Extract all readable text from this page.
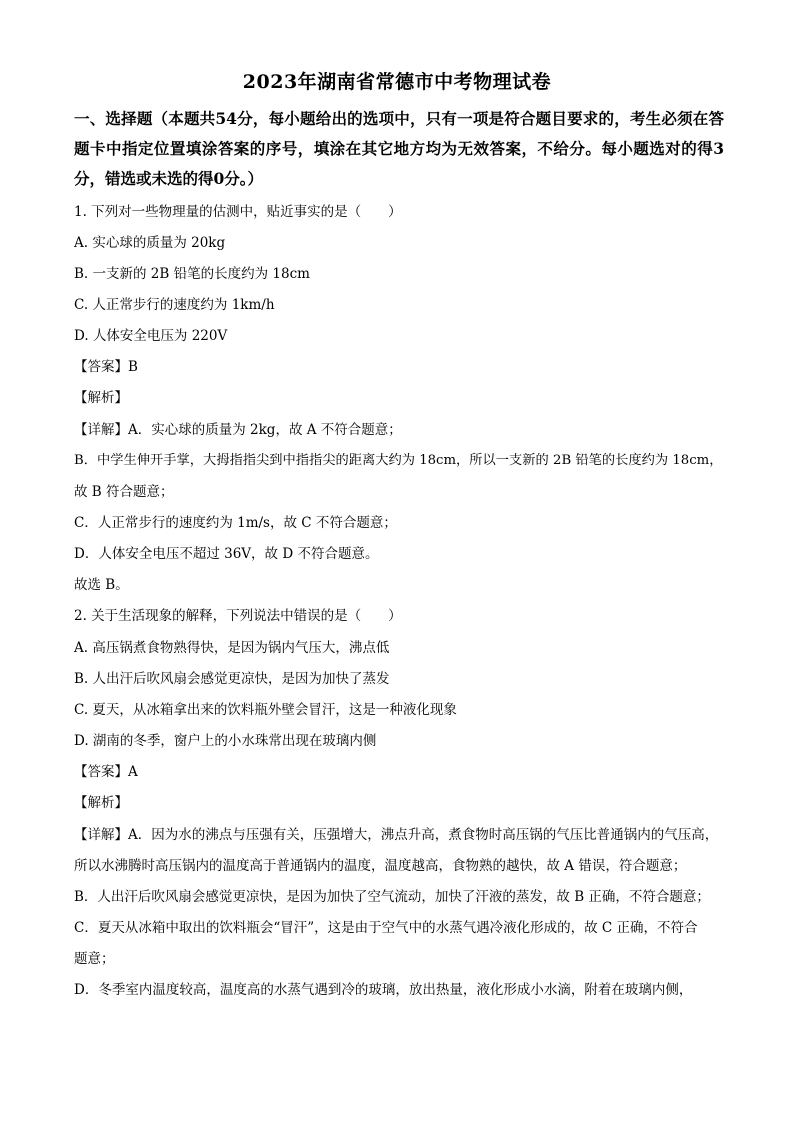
2023年湖南省常德市中考物理试卷
一、选择题（本题共54分，每小题给出的选项中，只有一项是符合题目要求的，考生必须在答题卡中指定位置填涂答案的序号，填涂在其它地方均为无效答案，不给分。每小题选对的得3分，错选或未选的得0分。）
1. 下列对一些物理量的估测中，贴近事实的是（　　）
A. 实心球的质量为 20kg
B. 一支新的 2B 铅笔的长度约为 18cm
C. 人正常步行的速度约为 1km/h
D. 人体安全电压为 220V
【答案】B
【解析】
【详解】A．实心球的质量为 2kg，故 A 不符合题意；
B．中学生伸开手掌，大拇指指尖到中指指尖的距离大约为 18cm，所以一支新的 2B 铅笔的长度约为 18cm，
故 B 符合题意；
C．人正常步行的速度约为 1m/s，故 C 不符合题意；
D．人体安全电压不超过 36V，故 D 不符合题意。
故选 B。
2. 关于生活现象的解释，下列说法中错误的是（　　）
A. 高压锅煮食物熟得快，是因为锅内气压大，沸点低
B. 人出汗后吹风扇会感觉更凉快，是因为加快了蒸发
C. 夏天，从冰箱拿出来的饮料瓶外壁会冒汗，这是一种液化现象
D. 湖南的冬季，窗户上的小水珠常出现在玻璃内侧
【答案】A
【解析】
【详解】A．因为水的沸点与压强有关，压强增大，沸点升高，煮食物时高压锅的气压比普通锅内的气压高，
所以水沸腾时高压锅内的温度高于普通锅内的温度，温度越高，食物熟的越快，故 A 错误，符合题意；
B．人出汗后吹风扇会感觉更凉快，是因为加快了空气流动，加快了汗液的蒸发，故 B 正确，不符合题意；
C．夏天从冰箱中取出的饮料瓶会“冒汗”，这是由于空气中的水蒸气遇冷液化形成的，故 C 正确，不符合
题意；
D．冬季室内温度较高，温度高的水蒸气遇到冷的玻璃，放出热量，液化形成小水滴，附着在玻璃内侧，
